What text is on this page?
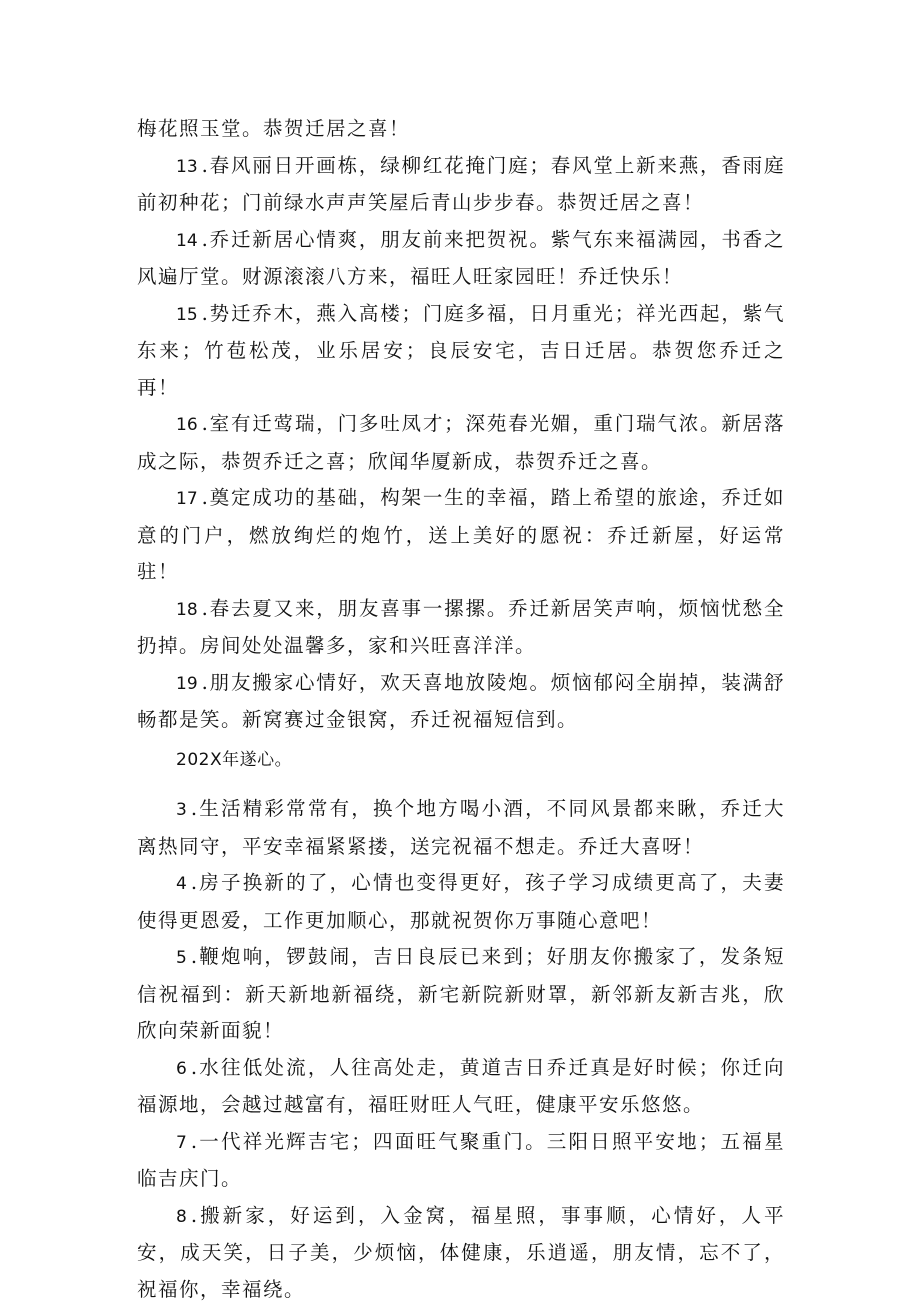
梅花照玉堂。恭贺迁居之喜！

13 .春风丽日开画栋，绿柳红花掩门庭；春风堂上新来燕，香雨庭前初种花；门前绿水声声笑屋后青山步步春。恭贺迁居之喜！

14 .乔迁新居心情爽，朋友前来把贺祝。紫气东来福满园，书香之风遍厅堂。财源滚滚八方来，福旺人旺家园旺！乔迁快乐！

15 .势迁乔木，燕入高楼；门庭多福，日月重光；祥光西起，紫气东来；竹苞松茂，业乐居安；良辰安宅，吉日迁居。恭贺您乔迁之再！

16 .室有迁莺瑞，门多吐凤才；深苑春光媚，重门瑞气浓。新居落成之际，恭贺乔迁之喜；欣闻华厦新成，恭贺乔迁之喜。

17 .奠定成功的基础，构架一生的幸福，踏上希望的旅途，乔迁如意的门户，燃放绚烂的炮竹，送上美好的愿祝：乔迁新屋，好运常驻！

18 .春去夏又来，朋友喜事一摞摞。乔迁新居笑声响，烦恼忧愁全扔掉。房间处处温馨多，家和兴旺喜洋洋。

19 .朋友搬家心情好，欢天喜地放陵炮。烦恼郁闷全崩掉，装满舒畅都是笑。新窝赛过金银窝，乔迁祝福短信到。

202X年遂心。

3 .生活精彩常常有，换个地方喝小酒，不同风景都来瞅，乔迁大离热同守，平安幸福紧紧搂，送完祝福不想走。乔迁大喜呀！

4 .房子换新的了，心情也变得更好，孩子学习成绩更高了，夫妻使得更恩爱，工作更加顺心，那就祝贺你万事随心意吧！

5 .鞭炮响，锣鼓闹，吉日良辰已来到；好朋友你搬家了，发条短信祝福到：新天新地新福绕，新宅新院新财罩，新邻新友新吉兆，欣欣向荣新面貌！

6 .水往低处流，人往高处走，黄道吉日乔迁真是好时候；你迁向福源地，会越过越富有，福旺财旺人气旺，健康平安乐悠悠。

7 .一代祥光辉吉宅；四面旺气聚重门。三阳日照平安地；五福星临吉庆门。

8 .搬新家，好运到，入金窝，福星照，事事顺，心情好，人平安，成天笑，日子美，少烦恼，体健康，乐逍遥，朋友情，忘不了，祝福你，幸福绕。
